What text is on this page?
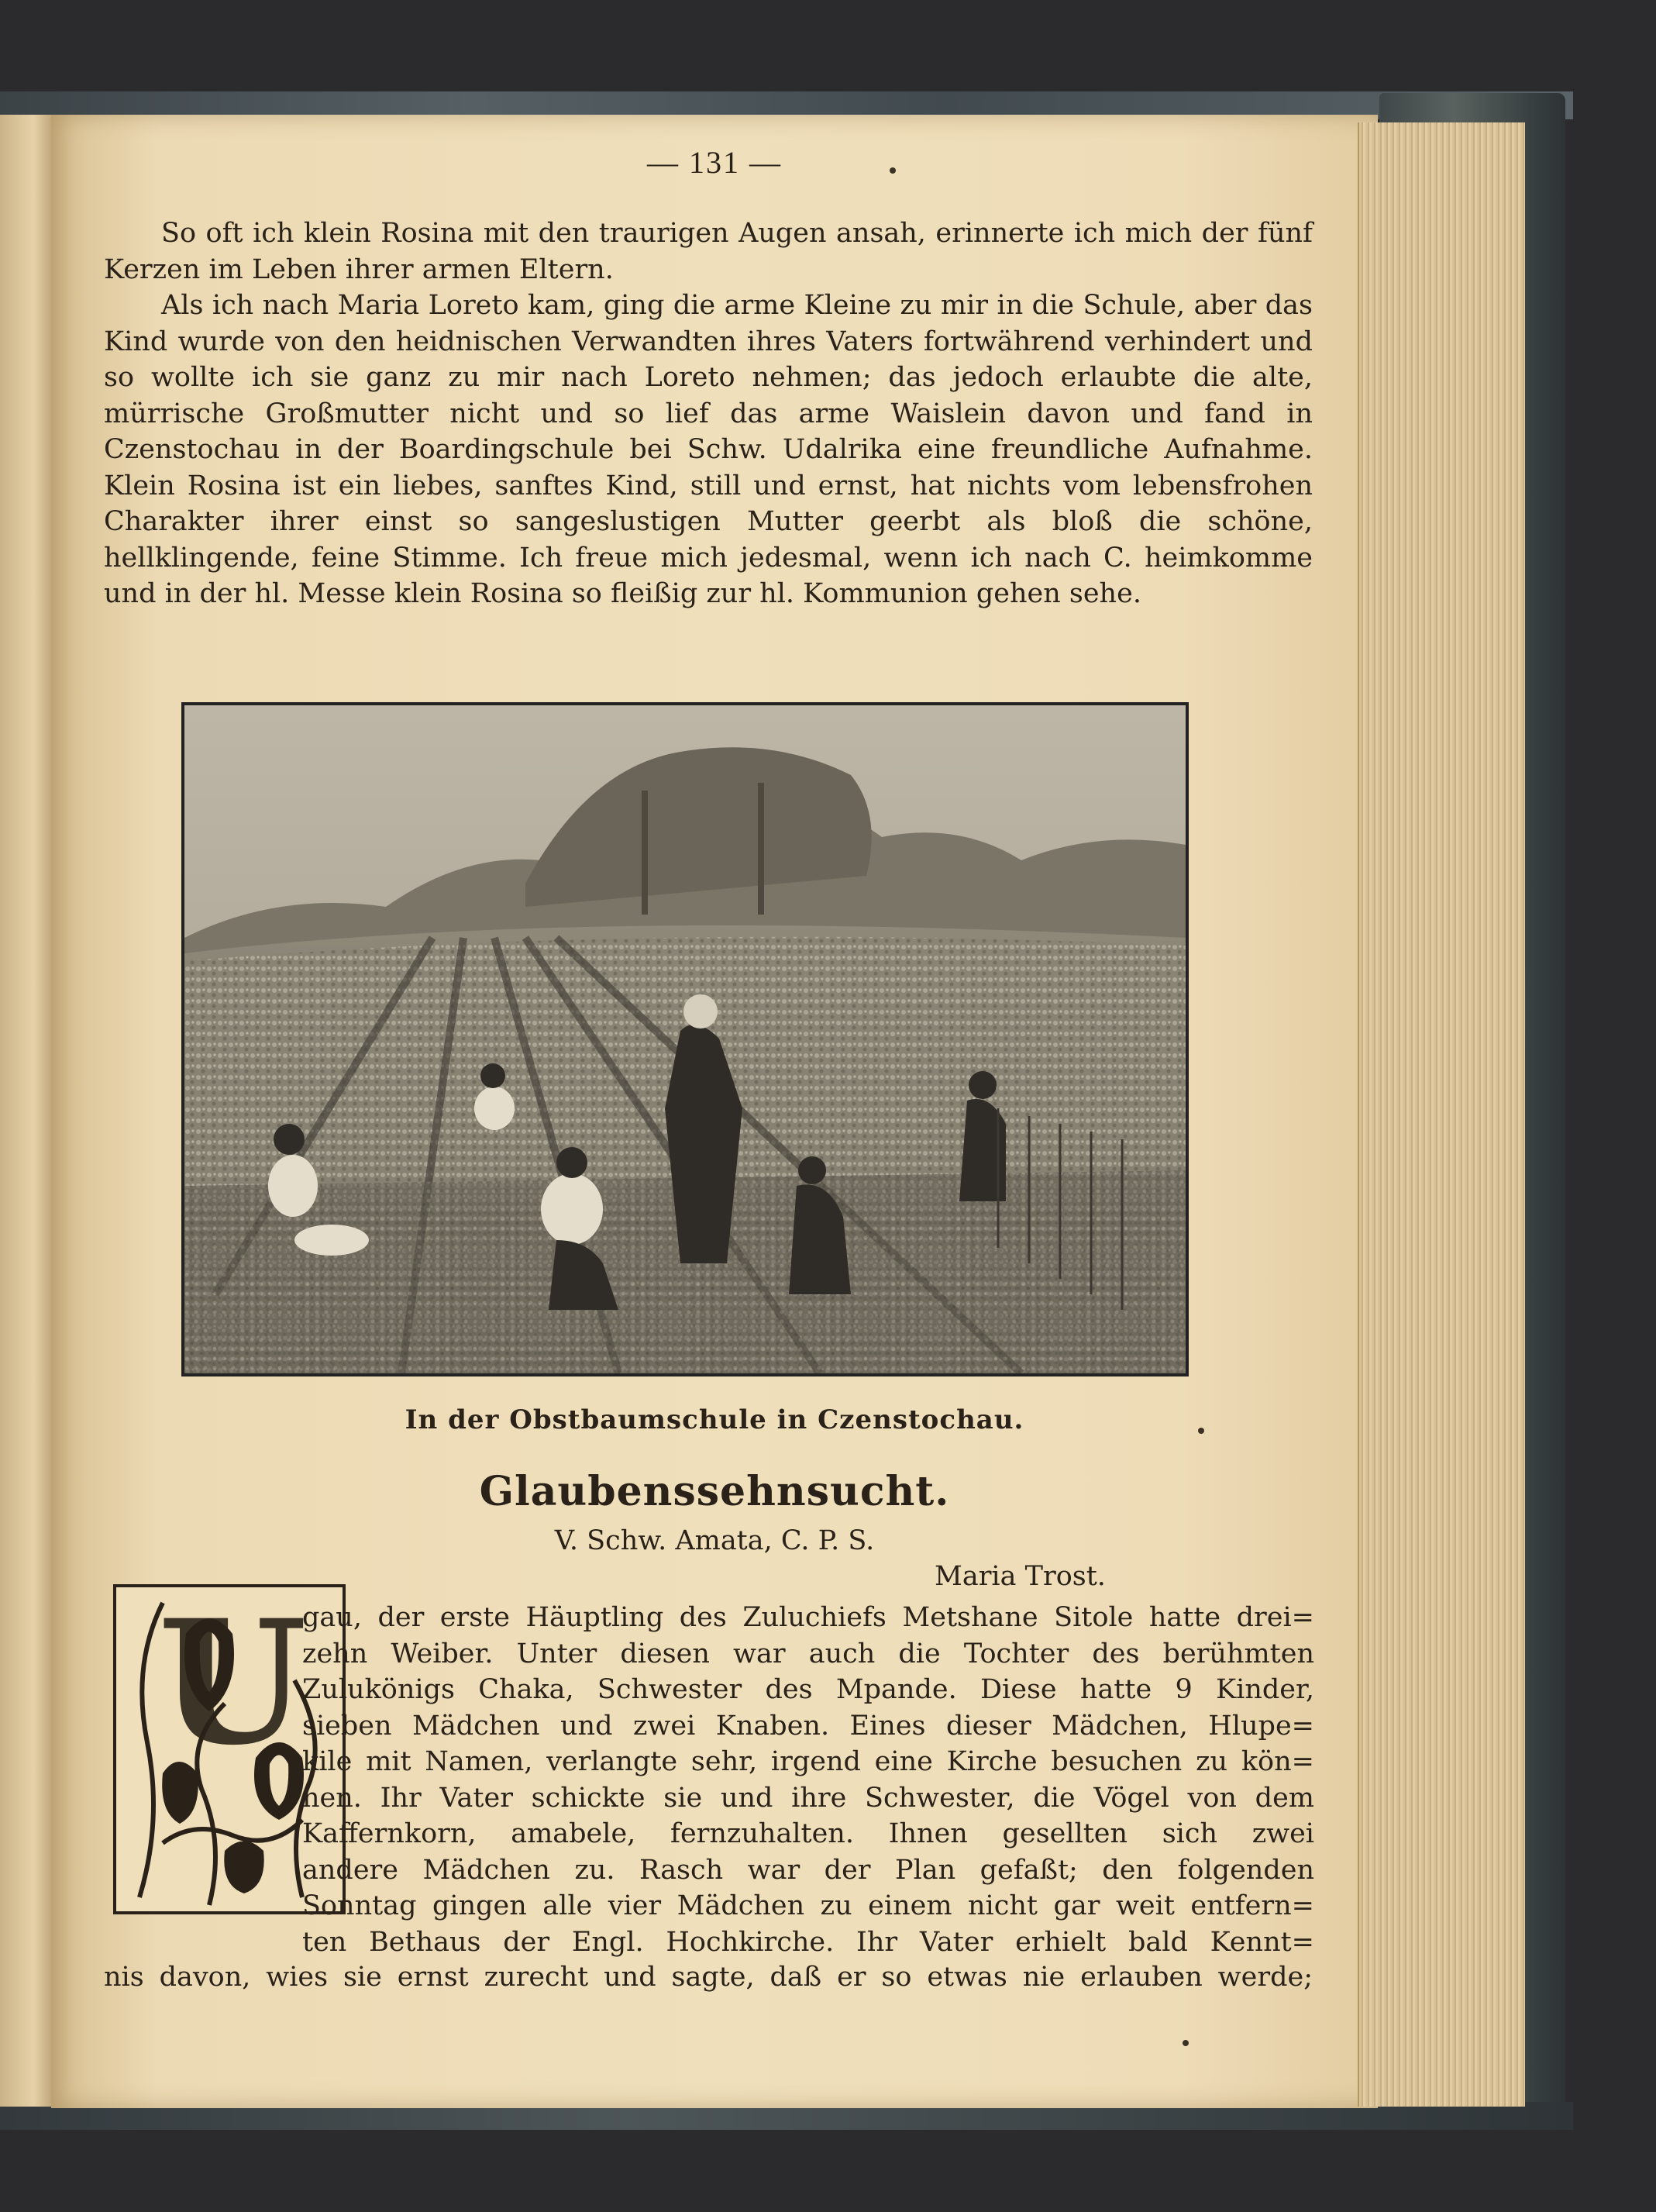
— 131 —

So oft ich klein Rosina mit den traurigen Augen ansah, erinnerte ich mich der fünf Kerzen im Leben ihrer armen Eltern.

Als ich nach Maria Loreto kam, ging die arme Kleine zu mir in die Schule, aber das Kind wurde von den heidnischen Verwandten ihres Vaters fortwährend verhindert und so wollte ich sie ganz zu mir nach Loreto nehmen; das jedoch erlaubte die alte, mürrische Großmutter nicht und so lief das arme Waislein davon und fand in Czenstochau in der Boardingschule bei Schw. Udalrika eine freundliche Aufnahme. Klein Rosina ist ein liebes, sanftes Kind, still und ernst, hat nichts vom lebensfrohen Charakter ihrer einst so sangeslustigen Mutter geerbt als bloß die schöne, hellklingende, feine Stimme. Ich freue mich jedesmal, wenn ich nach C. heimkomme und in der hl. Messe klein Rosina so fleißig zur hl. Kommunion gehen sehe.

In der Obstbaumschule in Czenstochau.
Glaubenssehnsucht.
V. Schw. Amata, C. P. S.
Maria Trost.
U
gau, der erste Häuptling des Zuluchiefs Metshane Sitole hatte drei=
zehn Weiber. Unter diesen war auch die Tochter des berühmten
Zulukönigs Chaka, Schwester des Mpande. Diese hatte 9 Kinder,
sieben Mädchen und zwei Knaben. Eines dieser Mädchen, Hlupe=
kile mit Namen, verlangte sehr, irgend eine Kirche besuchen zu kön=
nen. Ihr Vater schickte sie und ihre Schwester, die Vögel von dem
Kaffernkorn, amabele, fernzuhalten. Ihnen gesellten sich zwei
andere Mädchen zu. Rasch war der Plan gefaßt; den folgenden
Sonntag gingen alle vier Mädchen zu einem nicht gar weit entfern=
ten Bethaus der Engl. Hochkirche. Ihr Vater erhielt bald Kennt=
nis davon, wies sie ernst zurecht und sagte, daß er so etwas nie erlauben werde;
